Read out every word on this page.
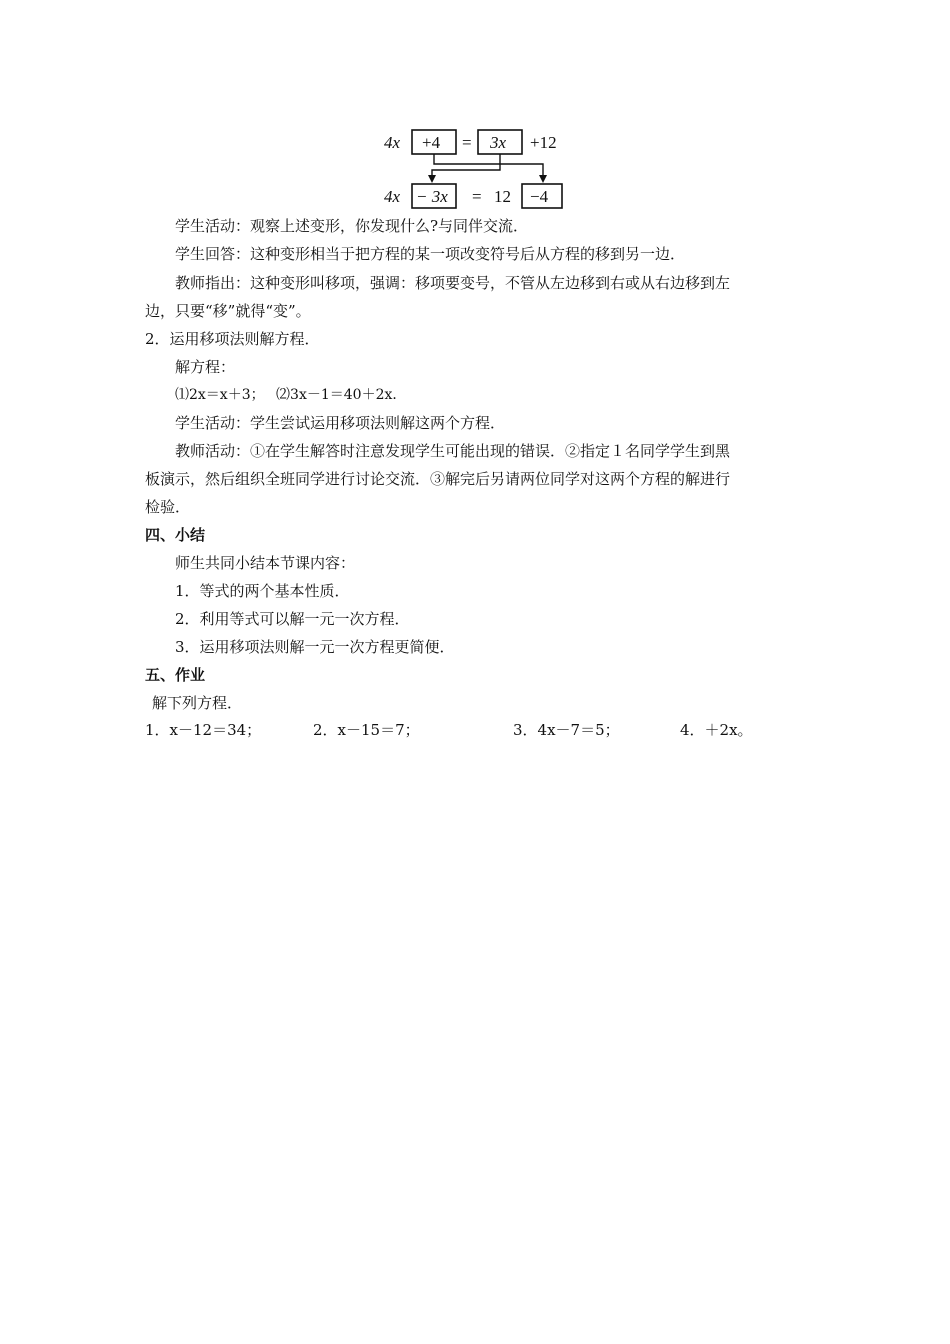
4x +4 = 3x +12
4x − 3x = 12 −4
学生活动：观察上述变形，你发现什么?与同伴交流．
学生回答：这种变形相当于把方程的某一项改变符号后从方程的移到另一边．
教师指出：这种变形叫移项，强调：移项要变号，不管从左边移到右或从右边移到左
边，只要“移”就得“变”。
2．运用移项法则解方程．
解方程：
⑴2x＝x＋3；　 ⑵3x－1＝40＋2x．
学生活动：学生尝试运用移项法则解这两个方程．
教师活动：①在学生解答时注意发现学生可能出现的错误．②指定１名同学学生到黑
板演示，然后组织全班同学进行讨论交流．③解完后另请两位同学对这两个方程的解进行
检验．
四、小结
师生共同小结本节课内容：
1．等式的两个基本性质．
2．利用等式可以解一元一次方程．
3．运用移项法则解一元一次方程更简便．
五、作业
解下列方程．
1．x－12＝34；	2．x－15＝7；	3．4x－7＝5；	4．＋2x。
